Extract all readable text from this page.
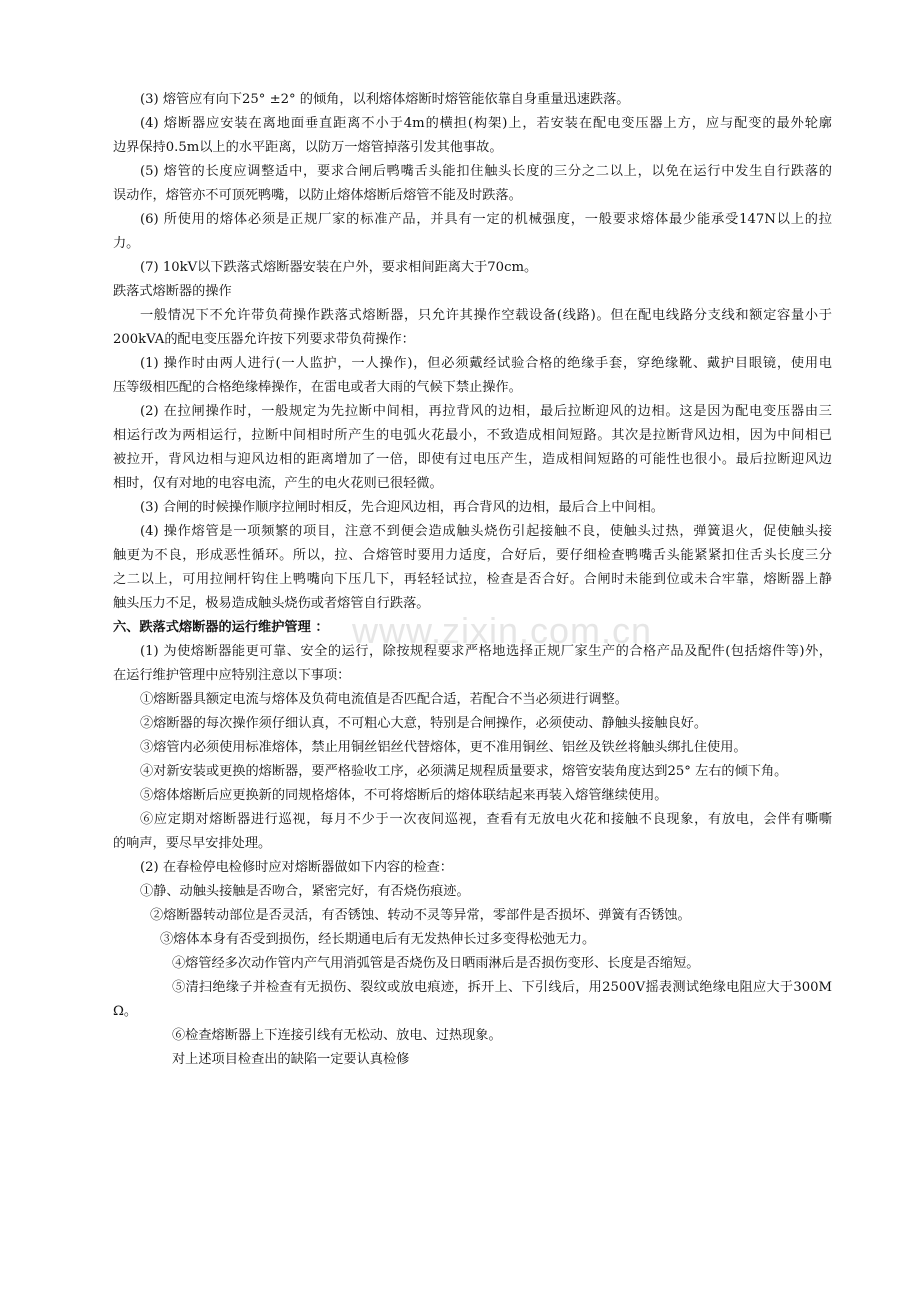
www.zixin.com.cn
(3) 熔管应有向下25° ±2° 的倾角，以利熔体熔断时熔管能依靠自身重量迅速跌落。
(4) 熔断器应安装在离地面垂直距离不小于4m的横担(构架)上，若安装在配电变压器上方，应与配变的最外轮廓
边界保持0.5m以上的水平距离，以防万一熔管掉落引发其他事故。
(5) 熔管的长度应调整适中，要求合闸后鸭嘴舌头能扣住触头长度的三分之二以上，以免在运行中发生自行跌落的
误动作，熔管亦不可顶死鸭嘴，以防止熔体熔断后熔管不能及时跌落。
(6) 所使用的熔体必须是正规厂家的标准产品，并具有一定的机械强度，一般要求熔体最少能承受147N以上的拉
力。
(7) 10kV以下跌落式熔断器安装在户外，要求相间距离大于70cm。
跌落式熔断器的操作
一般情况下不允许带负荷操作跌落式熔断器，只允许其操作空载设备(线路)。但在配电线路分支线和额定容量小于
200kVA的配电变压器允许按下列要求带负荷操作：
(1) 操作时由两人进行(一人监护，一人操作)，但必须戴经试验合格的绝缘手套，穿绝缘靴、戴护目眼镜，使用电
压等级相匹配的合格绝缘棒操作，在雷电或者大雨的气候下禁止操作。
(2) 在拉闸操作时，一般规定为先拉断中间相，再拉背风的边相，最后拉断迎风的边相。这是因为配电变压器由三
相运行改为两相运行，拉断中间相时所产生的电弧火花最小，不致造成相间短路。其次是拉断背风边相，因为中间相已
被拉开，背风边相与迎风边相的距离增加了一倍，即使有过电压产生，造成相间短路的可能性也很小。最后拉断迎风边
相时，仅有对地的电容电流，产生的电火花则已很轻微。
(3) 合闸的时候操作顺序拉闸时相反，先合迎风边相，再合背风的边相，最后合上中间相。
(4) 操作熔管是一项频繁的项目，注意不到便会造成触头烧伤引起接触不良，使触头过热，弹簧退火，促使触头接
触更为不良，形成恶性循环。所以，拉、合熔管时要用力适度，合好后，要仔细检查鸭嘴舌头能紧紧扣住舌头长度三分
之二以上，可用拉闸杆钩住上鸭嘴向下压几下，再轻轻试拉，检查是否合好。合闸时未能到位或未合牢靠，熔断器上静
触头压力不足，极易造成触头烧伤或者熔管自行跌落。
六、跌落式熔断器的运行维护管理 ：
(1) 为使熔断器能更可靠、安全的运行，除按规程要求严格地选择正规厂家生产的合格产品及配件(包括熔件等)外，
在运行维护管理中应特别注意以下事项：
①熔断器具额定电流与熔体及负荷电流值是否匹配合适，若配合不当必须进行调整。
②熔断器的每次操作须仔细认真，不可粗心大意，特别是合闸操作，必须使动、静触头接触良好。
③熔管内必须使用标准熔体，禁止用铜丝铝丝代替熔体，更不准用铜丝、铝丝及铁丝将触头绑扎住使用。
④对新安装或更换的熔断器，要严格验收工序，必须满足规程质量要求，熔管安装角度达到25° 左右的倾下角。
⑤熔体熔断后应更换新的同规格熔体，不可将熔断后的熔体联结起来再装入熔管继续使用。
⑥应定期对熔断器进行巡视，每月不少于一次夜间巡视，查看有无放电火花和接触不良现象，有放电，会伴有嘶嘶
的响声，要尽早安排处理。
(2) 在春检停电检修时应对熔断器做如下内容的检查：
①静、动触头接触是否吻合，紧密完好，有否烧伤痕迹。
②熔断器转动部位是否灵活，有否锈蚀、转动不灵等异常，零部件是否损坏、弹簧有否锈蚀。
③熔体本身有否受到损伤，经长期通电后有无发热伸长过多变得松弛无力。
④熔管经多次动作管内产气用消弧管是否烧伤及日晒雨淋后是否损伤变形、长度是否缩短。
⑤清扫绝缘子并检查有无损伤、裂纹或放电痕迹，拆开上、下引线后，用2500V摇表测试绝缘电阻应大于300M
Ω。
⑥检查熔断器上下连接引线有无松动、放电、过热现象。
对上述项目检查出的缺陷一定要认真检修
